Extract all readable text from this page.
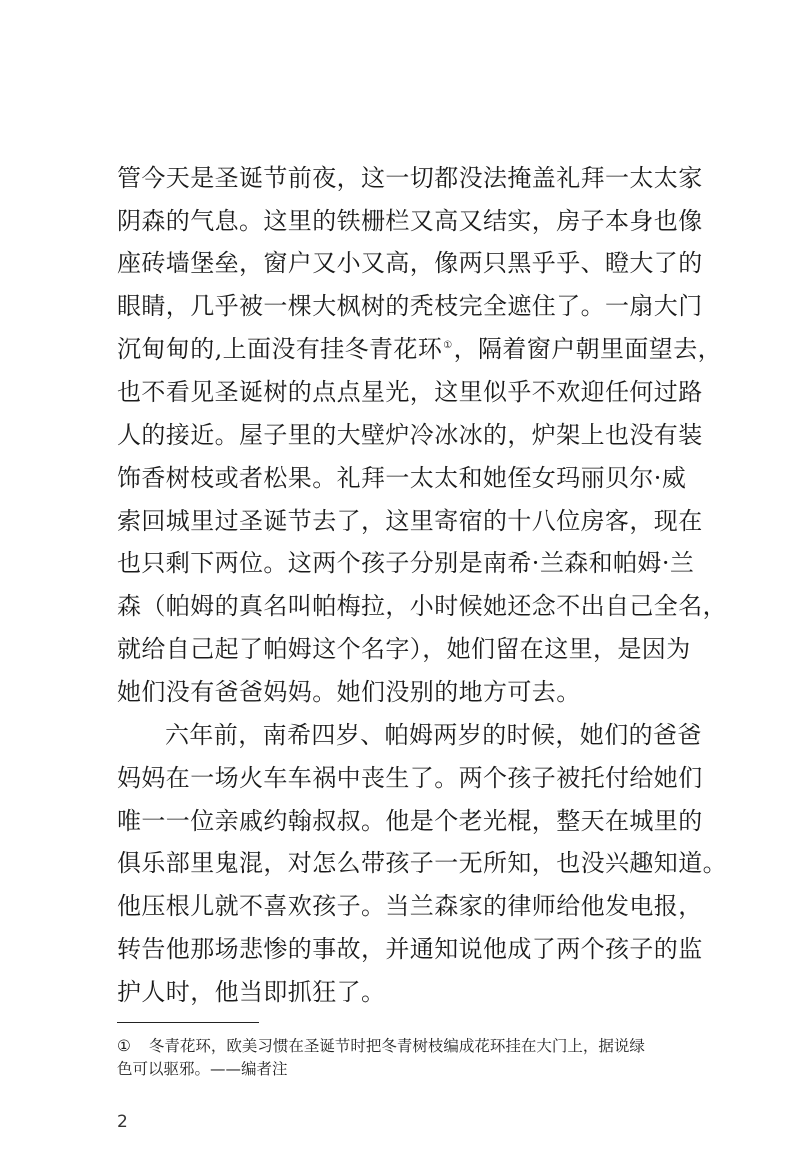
管今天是圣诞节前夜，这一切都没法掩盖礼拜一太太家
阴森的气息。这里的铁栅栏又高又结实，房子本身也像
座砖墙堡垒，窗户又小又高，像两只黑乎乎、瞪大了的
眼睛，几乎被一棵大枫树的秃枝完全遮住了。一扇大门
沉甸甸的,上面没有挂冬青花环①，隔着窗户朝里面望去，
也不看见圣诞树的点点星光，这里似乎不欢迎任何过路
人的接近。屋子里的大壁炉冷冰冰的，炉架上也没有装
饰香树枝或者松果。礼拜一太太和她侄女玛丽贝尔·威
索回城里过圣诞节去了，这里寄宿的十八位房客，现在
也只剩下两位。这两个孩子分别是南希·兰森和帕姆·兰
森（帕姆的真名叫帕梅拉，小时候她还念不出自己全名，
就给自己起了帕姆这个名字），她们留在这里，是因为
她们没有爸爸妈妈。她们没别的地方可去。
六年前，南希四岁、帕姆两岁的时候，她们的爸爸
妈妈在一场火车车祸中丧生了。两个孩子被托付给她们
唯一一位亲戚约翰叔叔。他是个老光棍，整天在城里的
俱乐部里鬼混，对怎么带孩子一无所知，也没兴趣知道。
他压根儿就不喜欢孩子。当兰森家的律师给他发电报，
转告他那场悲惨的事故，并通知说他成了两个孩子的监
护人时，他当即抓狂了。
① 冬青花环，欧美习惯在圣诞节时把冬青树枝编成花环挂在大门上，据说绿
色可以驱邪。——编者注
2
